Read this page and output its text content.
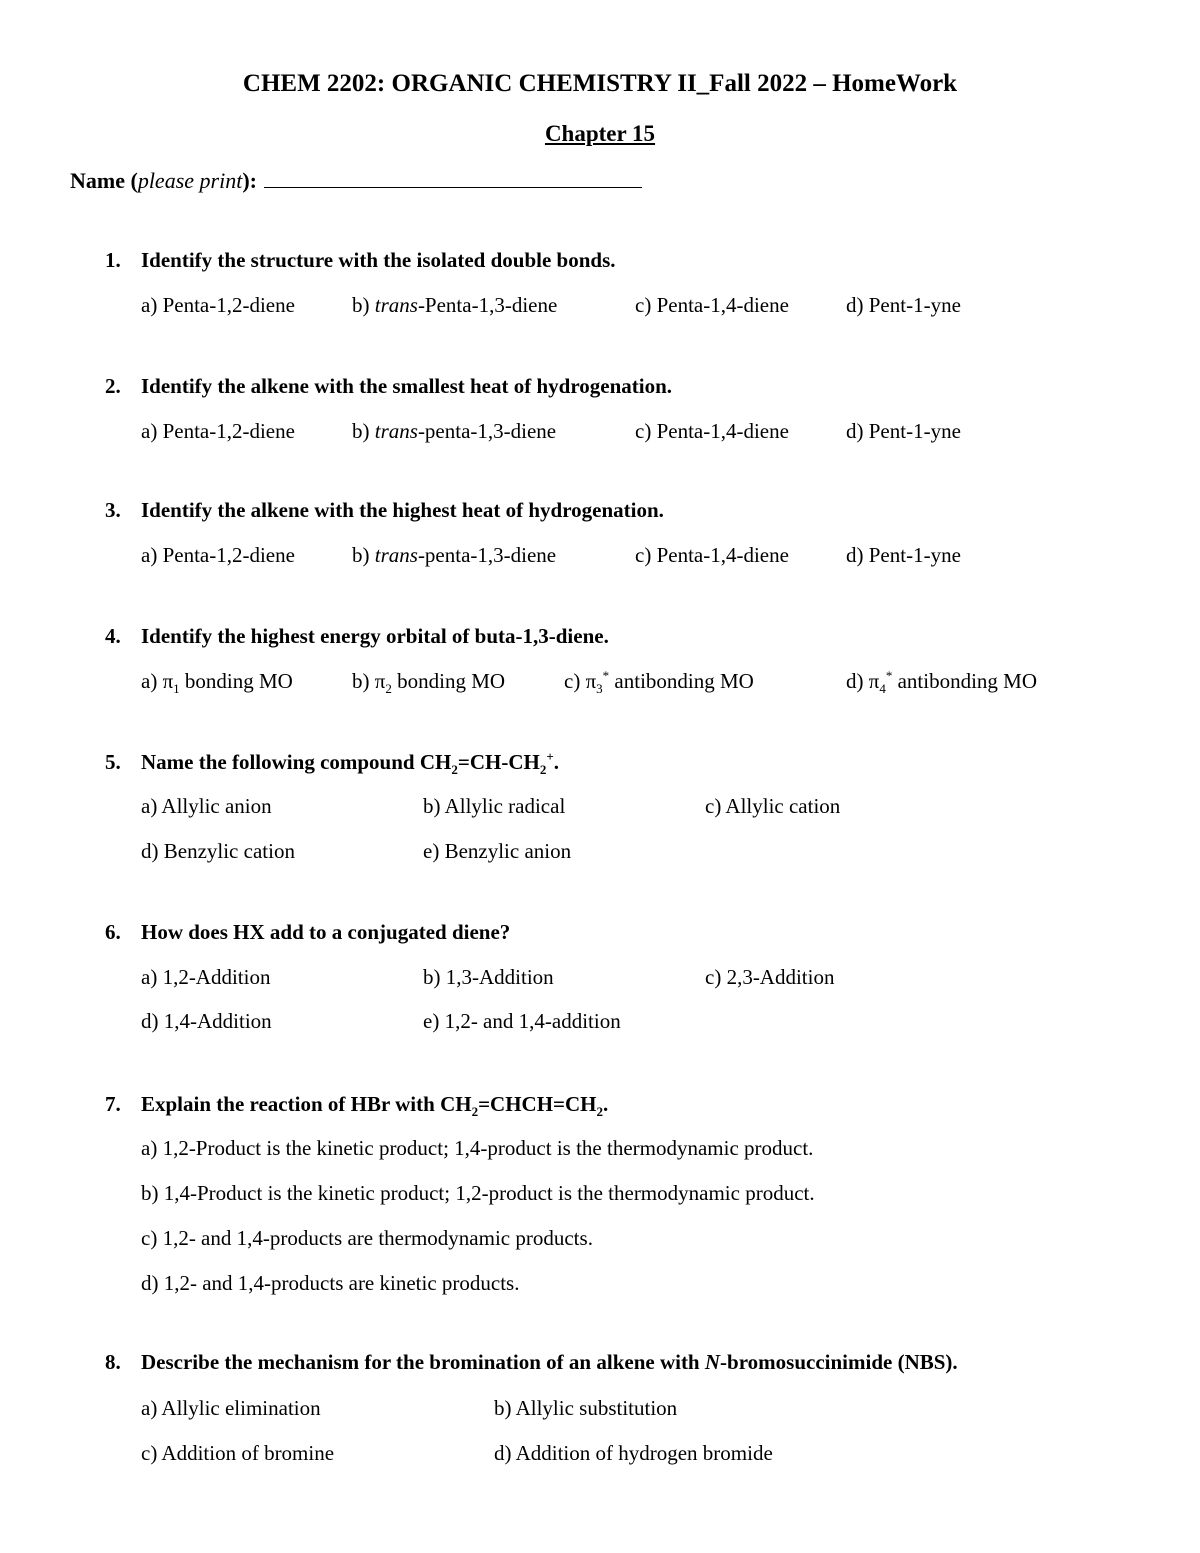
CHEM 2202: ORGANIC CHEMISTRY II_Fall 2022 – HomeWork
Chapter 15
Name (please print):
1. Identify the structure with the isolated double bonds.
a) Penta-1,2-diene	b) trans-Penta-1,3-diene	c) Penta-1,4-diene	d) Pent-1-yne
2. Identify the alkene with the smallest heat of hydrogenation.
a) Penta-1,2-diene	b) trans-penta-1,3-diene	c) Penta-1,4-diene	d) Pent-1-yne
3. Identify the alkene with the highest heat of hydrogenation.
a) Penta-1,2-diene	b) trans-penta-1,3-diene	c) Penta-1,4-diene	d) Pent-1-yne
4. Identify the highest energy orbital of buta-1,3-diene.
a) $\pi_1$ bonding MO	b) $\pi_2$ bonding MO	c) $\pi_3^*$ antibonding MO	d) $\pi_4^*$ antibonding MO
5. Name the following compound $CH_2=CH-CH_2^+$.
a) Allylic anion	b) Allylic radical	c) Allylic cation
d) Benzylic cation	e) Benzylic anion
6. How does HX add to a conjugated diene?
a) 1,2-Addition	b) 1,3-Addition	c) 2,3-Addition
d) 1,4-Addition	e) 1,2- and 1,4-addition
7. Explain the reaction of HBr with $CH_2=CHCH=CH_2$.
a) 1,2-Product is the kinetic product; 1,4-product is the thermodynamic product.
b) 1,4-Product is the kinetic product; 1,2-product is the thermodynamic product.
c) 1,2- and 1,4-products are thermodynamic products.
d) 1,2- and 1,4-products are kinetic products.
8. Describe the mechanism for the bromination of an alkene with N-bromosuccinimide (NBS).
a) Allylic elimination	b) Allylic substitution
c) Addition of bromine	d) Addition of hydrogen bromide
